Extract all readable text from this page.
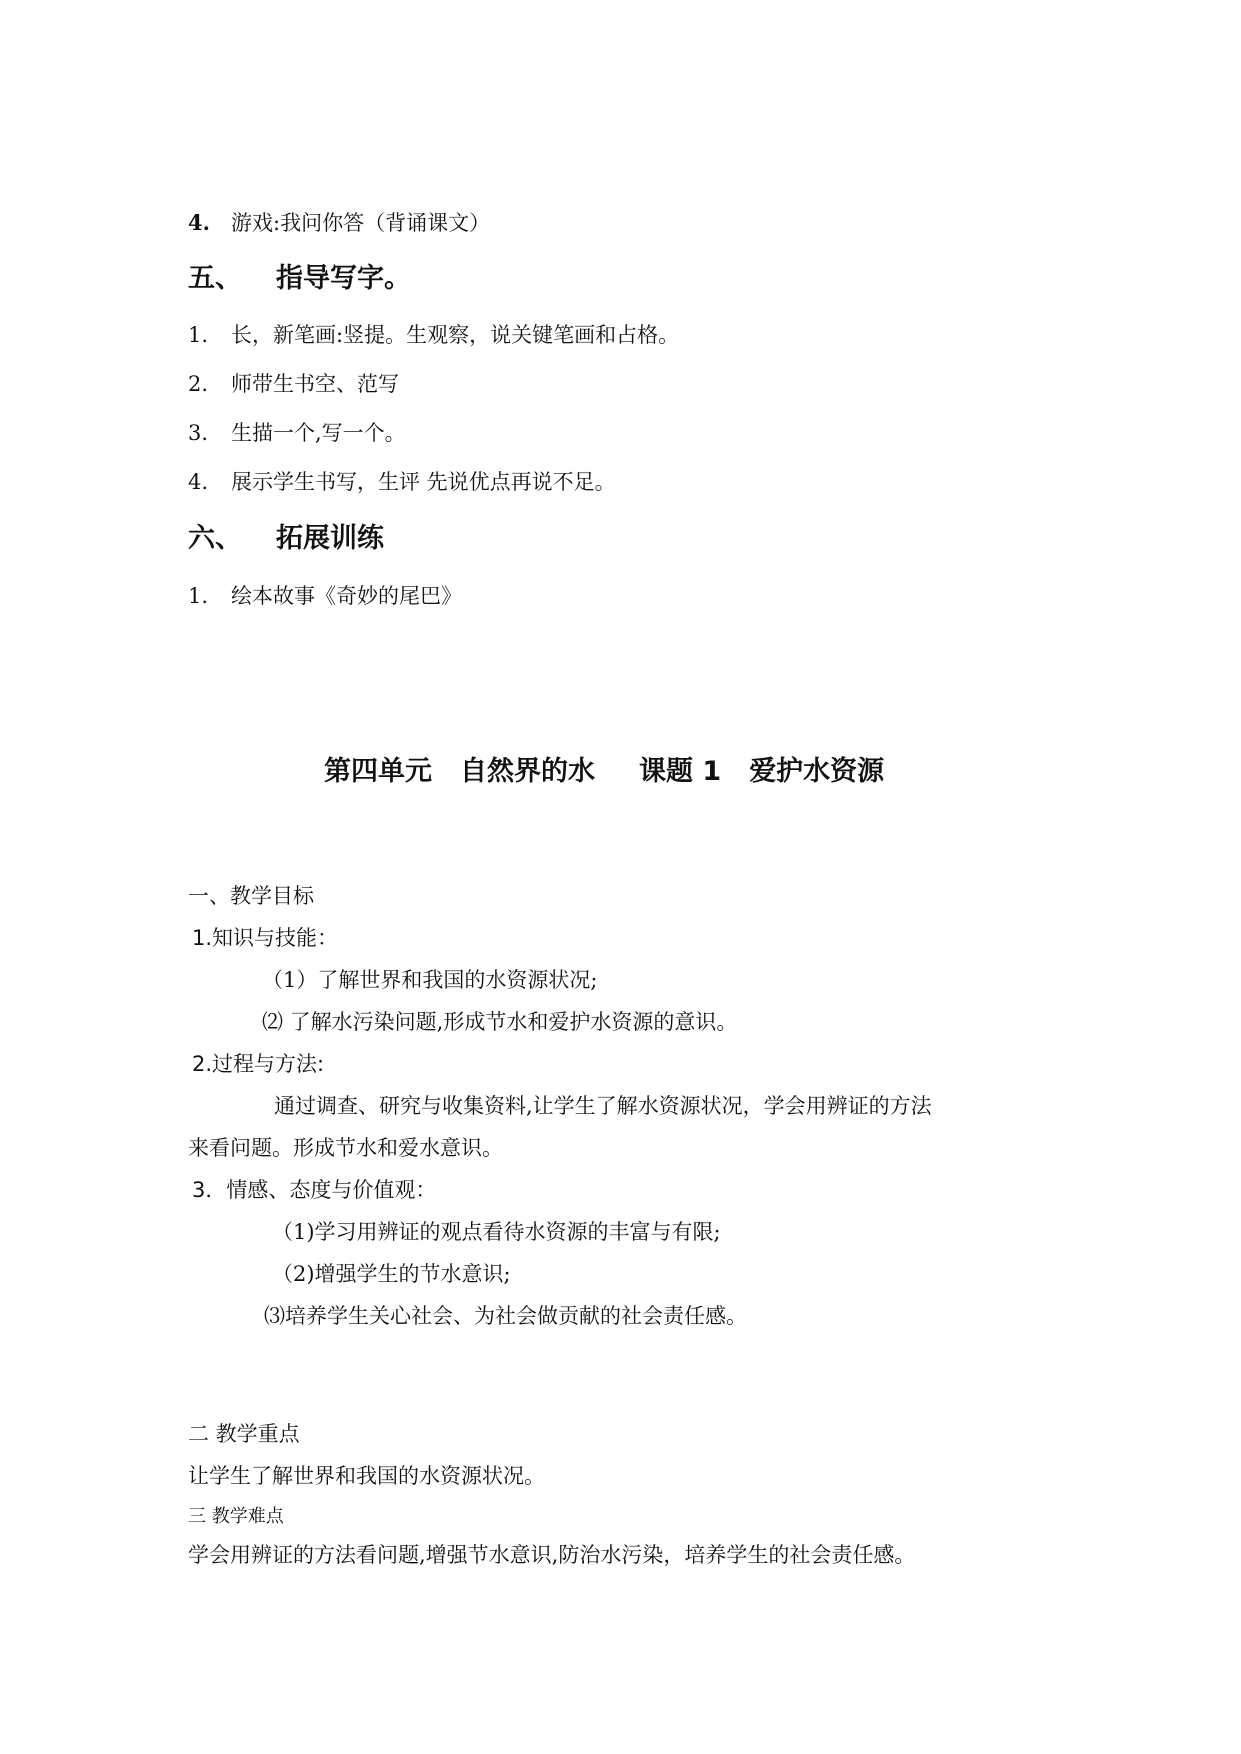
4. 游戏:我问你答（背诵课文）
五、 指导写字。
1. 长，新笔画:竖提。生观察，说关键笔画和占格。
2. 师带生书空、范写
3. 生描一个,写一个。
4. 展示学生书写，生评 先说优点再说不足。
六、 拓展训练
1. 绘本故事《奇妙的尾巴》
第四单元 自然界的水 课题 1 爱护水资源
一、教学目标
1.知识与技能：
（1）了解世界和我国的水资源状况;
⑵ 了解水污染问题,形成节水和爱护水资源的意识。
2.过程与方法:
通过调查、研究与收集资料,让学生了解水资源状况，学会用辨证的方法
来看问题。形成节水和爱水意识。
3．情感、态度与价值观：
（1)学习用辨证的观点看待水资源的丰富与有限;
（2)增强学生的节水意识;
⑶培养学生关心社会、为社会做贡献的社会责任感。
二 教学重点
让学生了解世界和我国的水资源状况。
三 教学难点
学会用辨证的方法看问题,增强节水意识,防治水污染，培养学生的社会责任感。
